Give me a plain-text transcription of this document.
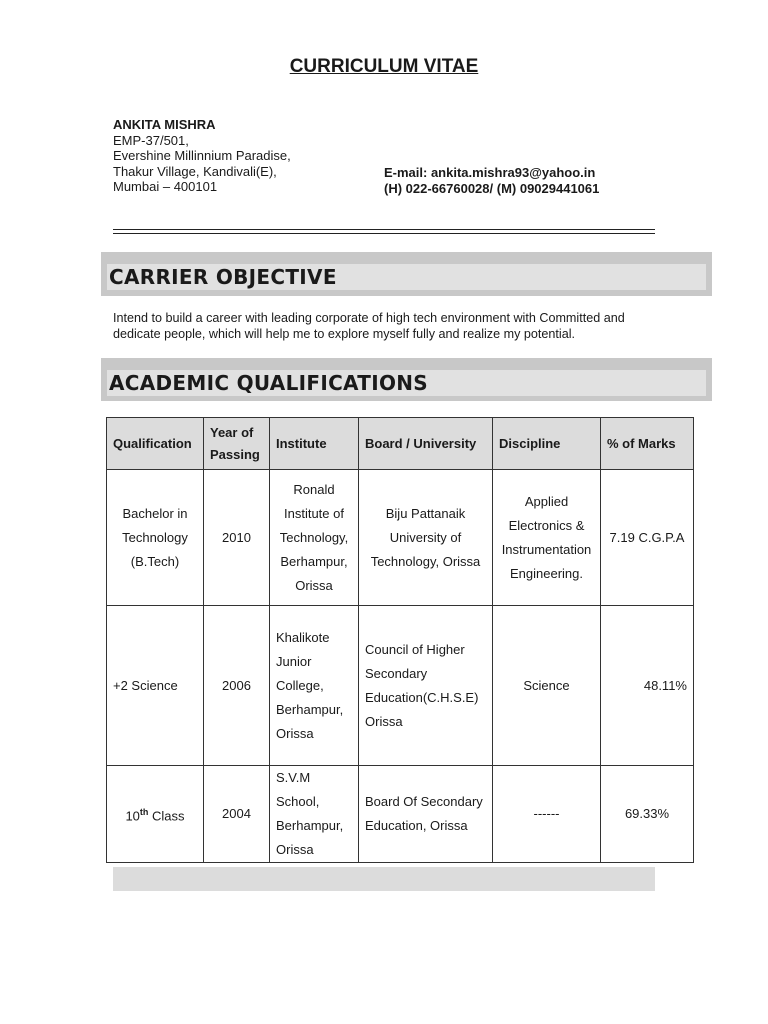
CURRICULUM VITAE
ANKITA MISHRA
EMP-37/501,
Evershine Millinnium Paradise,
Thakur Village, Kandivali(E),
Mumbai – 400101
E-mail: ankita.mishra93@yahoo.in
(H) 022-66760028/ (M) 09029441061
CARRIER OBJECTIVE
Intend to build a career with leading corporate of high tech environment with Committed and dedicate people, which will help me to explore myself fully and realize my potential.
ACADEMIC QUALIFICATIONS
Qualification	Year of Passing	Institute	Board / University	Discipline	% of Marks
Bachelor in Technology (B.Tech)	2010	Ronald Institute of Technology, Berhampur, Orissa	Biju Pattanaik University of Technology, Orissa	Applied Electronics & Instrumentation Engineering.	7.19 C.G.P.A
+2 Science	2006	Khalikote Junior College, Berhampur, Orissa	Council of Higher Secondary Education(C.H.S.E) Orissa	Science	48.11%
10th Class	2004	S.V.M School, Berhampur, Orissa	Board Of Secondary Education, Orissa	------	69.33%
